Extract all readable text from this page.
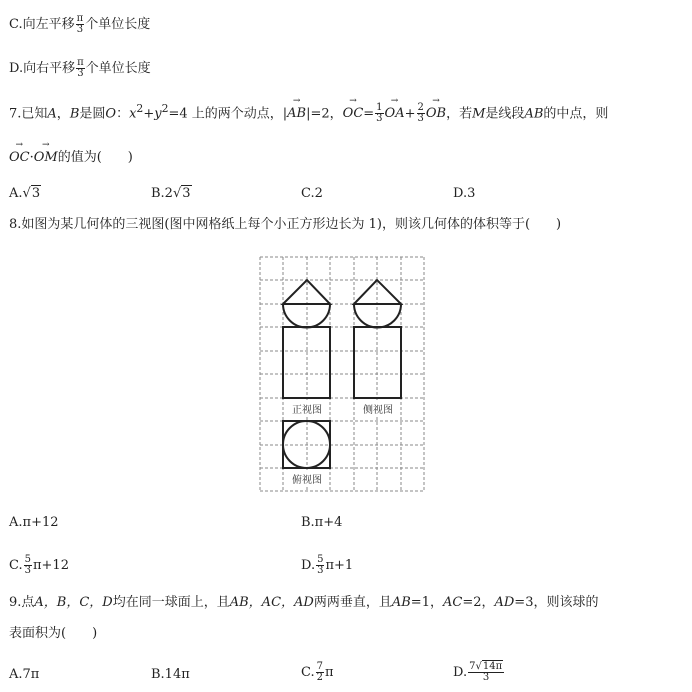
C.向左平移 $\frac{\pi}{3}$ 个单位长度
D.向右平移 $\frac{\pi}{3}$ 个单位长度
7.已知A，B是圆O：$x^2+y^2=4$ 上的两个动点，|→ AB|=2，→ $OC= \frac{1}{3}$
→ $OA+ \frac{2}{3}$
→ OB，若M是线段AB的中点，则
→ OC·→ OM的值为(　　)
A.√3	B.2√3	C.2	D.3
8.如图为某几何体的三视图(图中网格纸上每个小正方形边长为 1)，则该几何体的体积等于(　　)
正视图	侧视图
俯视图
A.π+12	B.π+4
C. $\frac{5}{3} \pi+12$	D. $\frac{5}{3} \pi+1$
9.点A，B，C，D均在同一球面上，且AB，AC，AD两两垂直，且AB=1，AC=2，AD=3，则该球的
表面积为(　　)
A.7π	B.14π	C. $\frac{7}{2}$ π	D. $\frac{7√14\pi}{3}$
